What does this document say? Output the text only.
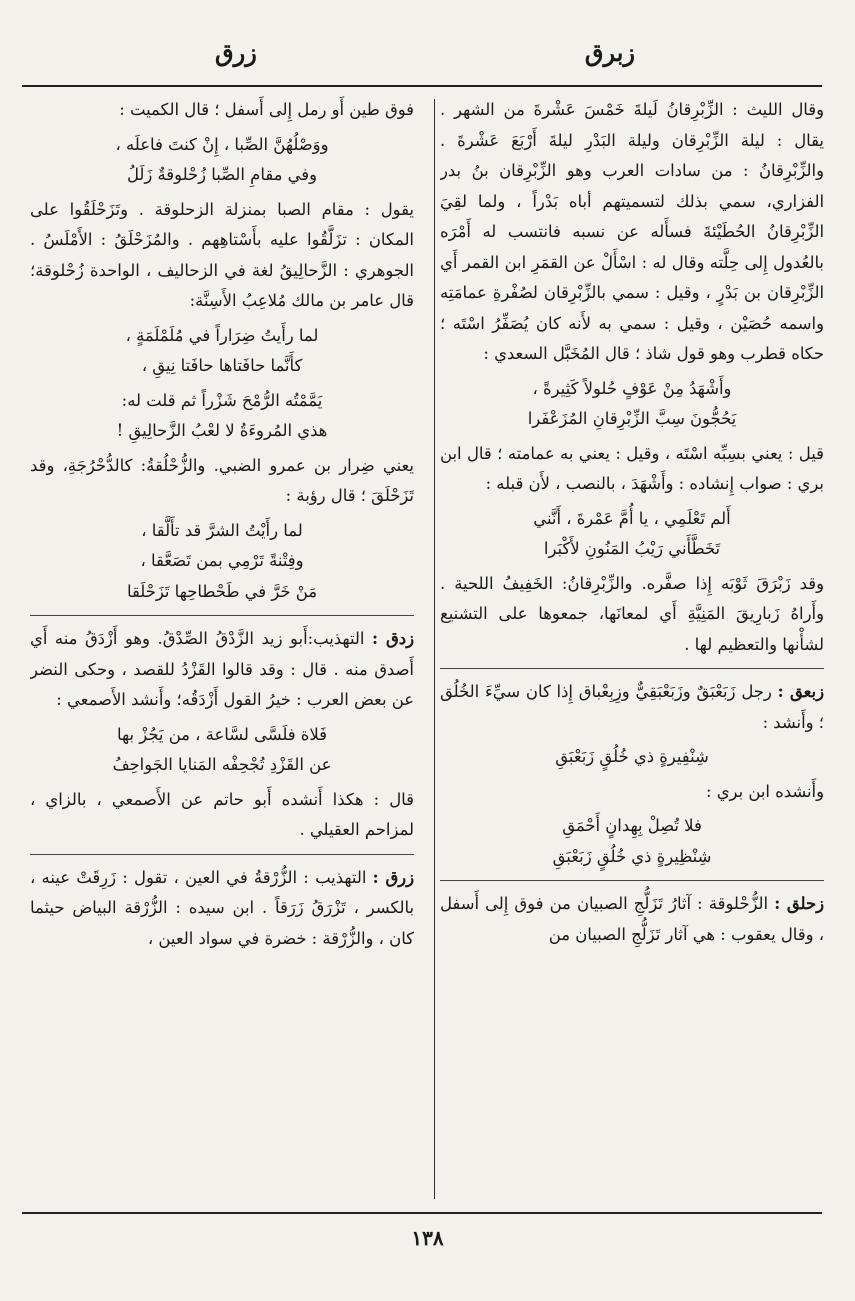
زبرق
زرق

وقال الليث : الزِّبْرِقانُ لَيلةَ خَمْسَ عَشْرةَ من الشهر . يقال : ليلة الزِّبْرِقان وليلة البَدْرِ ليلةَ أَرْبَعَ عَشْرةَ . والزِّبْرِقانُ : من سادات العرب وهو الزِّبْرِقان بنُ بدر الفزاري، سمي بذلك لتسميتهم أباه بَدْراً ، ولما لقِيَ الزِّبْرِقانُ الحُطَيْئةَ فسأَله عن نسبه فانتسب له أَمْرَه بالعُدول إِلى حِلَّته وقال له : اسْأَلْ عن القمَرِ ابن القمر أَي الزِّبْرِقان بن بَدْرٍ ، وقيل : سمي بالزِّبْرِقان لصُفْرةِ عمامَتِه واسمه حُصَيْن ، وقيل : سمي به لأَنه كان يُصَفِّرُ اسْتَه ؛ حكاه قطرب وهو قول شاذ ؛ قال المُخَبَّل السعدي :

وأَشْهَدُ مِنْ عَوْفٍ حُلولاً كَثِيرةً ،
يَحُجُّونَ سِبَّ الزِّبْرِقانِ المُزَعْفَرا

قيل : يعني بسِبِّه اسْتَه ، وقيل : يعني به عمامته ؛ قال ابن بري : صواب إِنشاده : وأَشْهَدَ ، بالنصب ، لأَن قبله :

أَلم تَعْلَمِي ، يا أُمَّ عَمْرةَ ، أَنَّني
تَخَطَّأَني رَيْبُ المَنُونِ لأَكْبَرا

وقد زَبْرَقَ ثَوْبَه إِذا صفَّره. والزِّبْرِقانُ: الخَفِيفُ اللحية . وأَراهُ زَبارِيقَ المَنِيَّةِ أَي لمعانَها، جمعوها على التشنيع لشأْنها والتعظيم لها .

زبعق : رجل زَبَعْبَقٌ وزَبَعْبَقِيٌّ وزِبِعْباق إِذا كان سيِّءَ الخُلُق ؛ وأَنشد :

شِنْفِيرةٍ ذي خُلُقٍ زَبَعْبَقِ

وأَنشده ابن بري :

فلا تُصِلْ بِهِدانٍ أَحْمَقِ
شِنْظِيرةٍ ذي خُلُقٍ زَبَعْبَقِ

زحلق : الزُّحْلوقة : آثارُ تَزَلُّجِ الصبيان من فوق إِلى أَسفل ، وقال يعقوب : هي آثار تَزَلُّجِ الصبيان من

فوق طين أَو رمل إِلى أَسفل ؛ قال الكميت :

ووَصْلُهُنَّ الصِّبا ، إِنْ كنتَ فاعلَه ،
وفي مقامِ الصِّبا زُحْلوقةٌ زَلَلُ

يقول : مقام الصبا بمنزلة الزحلوقة . وتَزَحْلَقُوا على المكان : تزَلَّقُوا عليه بأَسْتاهِهم . والمُزَحْلَقُ : الأَمْلَسُ . الجوهري : الزَّحالِيقُ لغة في الزحاليف ، الواحدة زُحْلوقة؛ قال عامر بن مالك مُلاعِبُ الأَسِنَّة:

لما رأَيتُ ضِرَاراً في مُلَمْلَمَةٍ ،
كأَنَّما حافَتاها حافَتا نِيقِ ،
يَمَّمْتُه الرُّمْحَ شَزْراً ثم قلت له:
هذي المُروءَةُ لا لعْبُ الزَّحالِيقِ !

يعني ضِرار بن عمرو الضبي. والزُّحْلُقةُ: كالدُّحْرُجَةِ، وقد تَزَحْلَقَ ؛ قال رؤبة :

لما رأَيْتُ الشرَّ قد تأَلَّقا ،
وفِتْنةً تَرْمِي بمن تَصَعَّقا ،
مَنْ خَرَّ في طَحْطاحِها تَزَحْلَقا

زدق : التهذيب:أَبو زيد الزَّدْقُ الصِّدْقُ. وهو أَزْدَقُ منه أَي أَصدق منه . قال : وقد قالوا القَزْدُ للقصد ، وحكى النضر عن بعض العرب : خيرُ القول أَزْدَقُه؛ وأَنشد الأَصمعي :

فَلاة فلَسَّى لسَّاعة ، من يَجُزْ بها
عن القَزْدِ تُجْحِفْه المَنايا الجَواحِفُ

قال : هكذا أَنشده أَبو حاتم عن الأَصمعي ، بالزاي ، لمزاحم العقيلي .

زرق : التهذيب : الزُّرْقةُ في العين ، تقول : زَرِقَتْ عينه ، بالكسر ، تَزْرَقُ زَرَقاً . ابن سيده : الزُّرْقة البياض حيثما كان ، والزُّرْقة : خضرة في سواد العين ،

١٣٨
